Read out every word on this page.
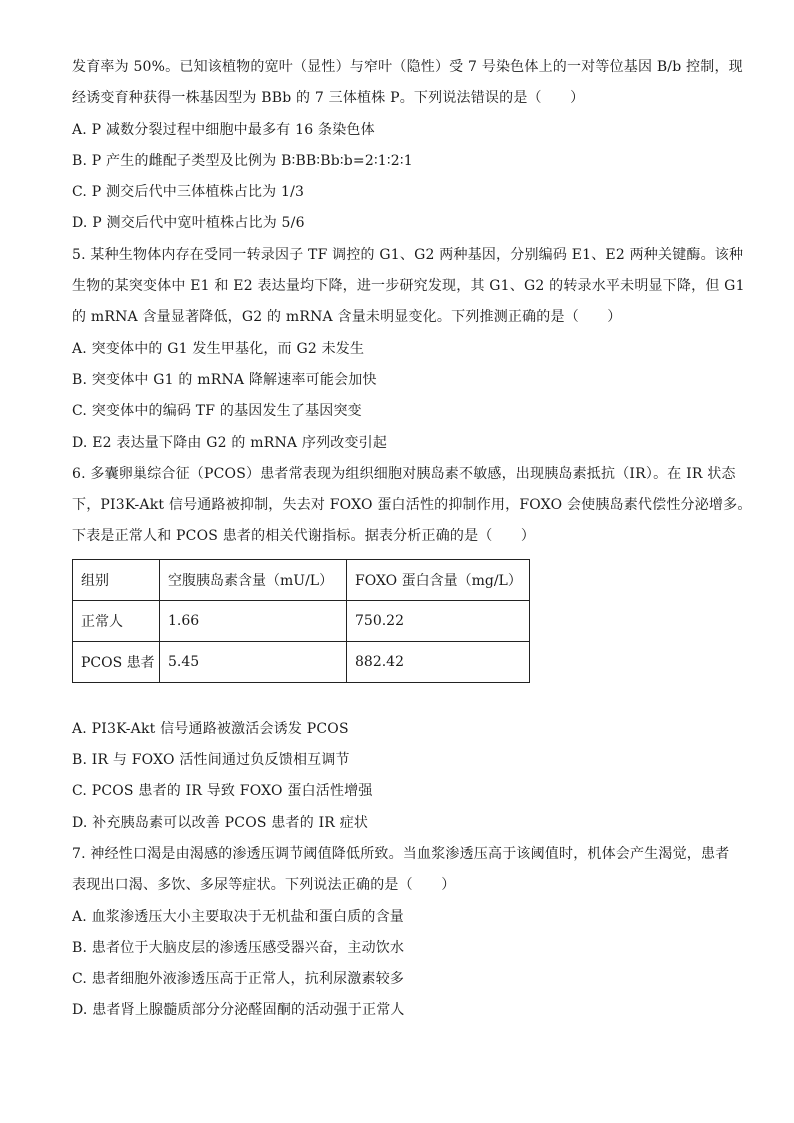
发育率为 50%。已知该植物的宽叶（显性）与窄叶（隐性）受 7 号染色体上的一对等位基因 B/b 控制，现
经诱变育种获得一株基因型为 BBb 的 7 三体植株 P。下列说法错误的是（　　）
A. P 减数分裂过程中细胞中最多有 16 条染色体
B. P 产生的雌配子类型及比例为 B∶BB∶Bb∶b=2∶1∶2∶1
C. P 测交后代中三体植株占比为 1/3
D. P 测交后代中宽叶植株占比为 5/6
5. 某种生物体内存在受同一转录因子 TF 调控的 G1、G2 两种基因，分别编码 E1、E2 两种关键酶。该种
生物的某突变体中 E1 和 E2 表达量均下降，进一步研究发现，其 G1、G2 的转录水平未明显下降，但 G1
的 mRNA 含量显著降低，G2 的 mRNA 含量未明显变化。下列推测正确的是（　　）
A. 突变体中的 G1 发生甲基化，而 G2 未发生
B. 突变体中 G1 的 mRNA 降解速率可能会加快
C. 突变体中的编码 TF 的基因发生了基因突变
D. E2 表达量下降由 G2 的 mRNA 序列改变引起
6. 多囊卵巢综合征（PCOS）患者常表现为组织细胞对胰岛素不敏感，出现胰岛素抵抗（IR）。在 IR 状态
下，PI3K-Akt 信号通路被抑制，失去对 FOXO 蛋白活性的抑制作用，FOXO 会使胰岛素代偿性分泌增多。
下表是正常人和 PCOS 患者的相关代谢指标。据表分析正确的是（　　）
组别	空腹胰岛素含量（mU/L）	FOXO 蛋白含量（mg/L）
正常人	1.66	750.22
PCOS 患者	5.45	882.42
A. PI3K-Akt 信号通路被激活会诱发 PCOS
B. IR 与 FOXO 活性间通过负反馈相互调节
C. PCOS 患者的 IR 导致 FOXO 蛋白活性增强
D. 补充胰岛素可以改善 PCOS 患者的 IR 症状
7. 神经性口渴是由渴感的渗透压调节阈值降低所致。当血浆渗透压高于该阈值时，机体会产生渴觉，患者
表现出口渴、多饮、多尿等症状。下列说法正确的是（　　）
A. 血浆渗透压大小主要取决于无机盐和蛋白质的含量
B. 患者位于大脑皮层的渗透压感受器兴奋，主动饮水
C. 患者细胞外液渗透压高于正常人，抗利尿激素较多
D. 患者肾上腺髓质部分分泌醛固酮的活动强于正常人
